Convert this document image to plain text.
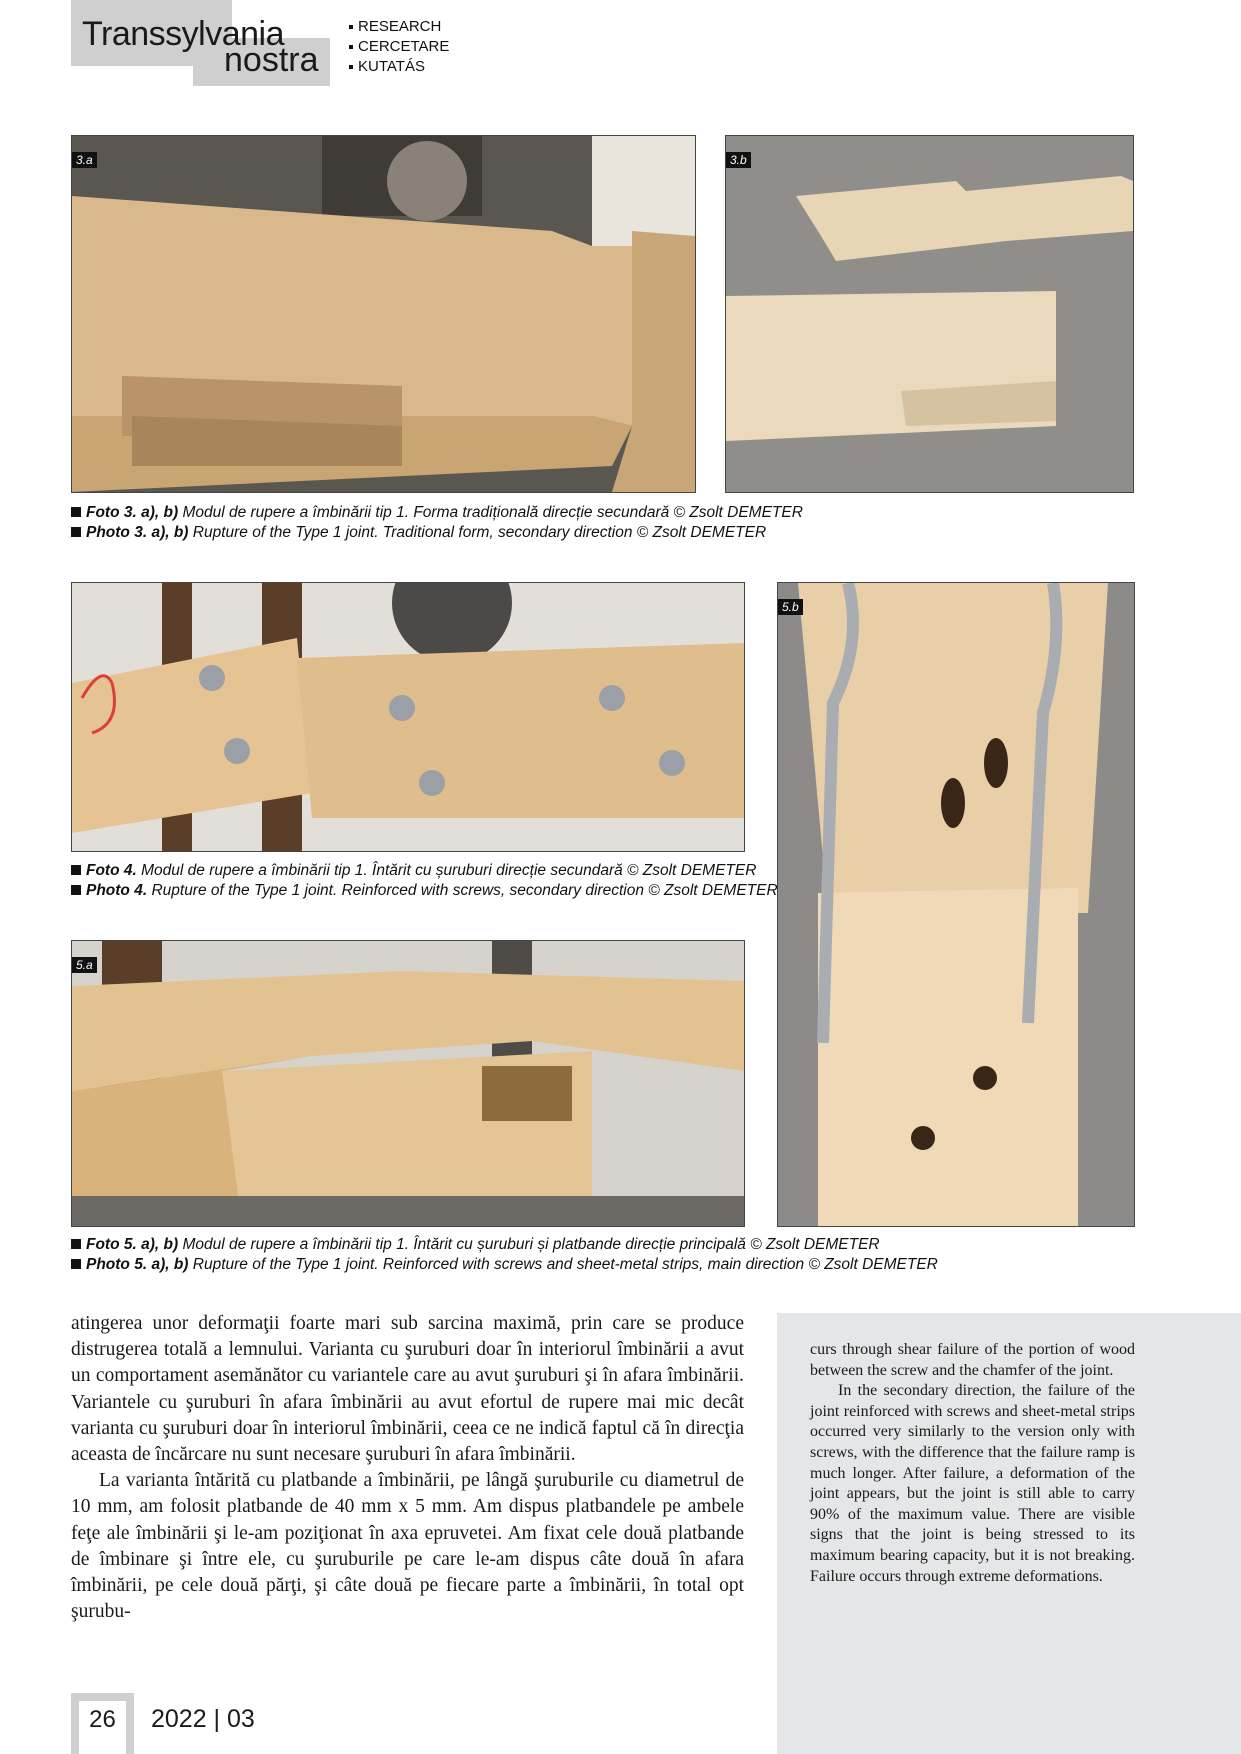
Transsylvania
nostra
RESEARCH
CERCETARE
KUTATÁS
3.a	3.b
Foto 3. a), b) Modul de rupere a îmbinării tip 1. Forma tradițională direcție secundară © Zsolt DEMETER
Photo 3. a), b) Rupture of the Type 1 joint. Traditional form, secondary direction © Zsolt DEMETER
Foto 4. Modul de rupere a îmbinării tip 1. Întărit cu șuruburi direcție secundară © Zsolt DEMETER
Photo 4. Rupture of the Type 1 joint. Reinforced with screws, secondary direction © Zsolt DEMETER
5.a
5.b
Foto 5. a), b) Modul de rupere a îmbinării tip 1. Întărit cu șuruburi și platbande direcție principală © Zsolt DEMETER
Photo 5. a), b) Rupture of the Type 1 joint. Reinforced with screws and sheet-metal strips, main direction © Zsolt DEMETER

atingerea unor deformaţii foarte mari sub sarcina maximă, prin care se produce distrugerea totală a lemnului. Varianta cu şuruburi doar în interiorul îmbinării a avut un comportament asemănător cu variantele care au avut şuruburi şi în afara îmbinării. Variantele cu şuruburi în afara îmbinării au avut efortul de rupere mai mic decât varianta cu şuruburi doar în interiorul îmbinării, ceea ce ne indică faptul că în direcţia aceasta de încărcare nu sunt necesare şuruburi în afara îmbinării.

La varianta întărită cu platbande a îmbinării, pe lângă şuruburile cu diametrul de 10 mm, am folosit platbande de 40 mm x 5 mm. Am dispus platbandele pe ambele feţe ale îmbinării şi le-am poziţionat în axa epruvetei. Am fixat cele două platbande de îmbinare şi între ele, cu şuruburile pe care le-am dispus câte două în afara îmbinării, pe cele două părţi, şi câte două pe fiecare parte a îmbinării, în total opt şurubu-

curs through shear failure of the portion of wood between the screw and the chamfer of the joint.

In the secondary direction, the failure of the joint reinforced with screws and sheet-metal strips occurred very similarly to the version only with screws, with the difference that the failure ramp is much longer. After failure, a deformation of the joint appears, but the joint is still able to carry 90% of the maximum value. There are visible signs that the joint is being stressed to its maximum bearing capacity, but it is not breaking. Failure occurs through extreme deformations.

26	2022 | 03
